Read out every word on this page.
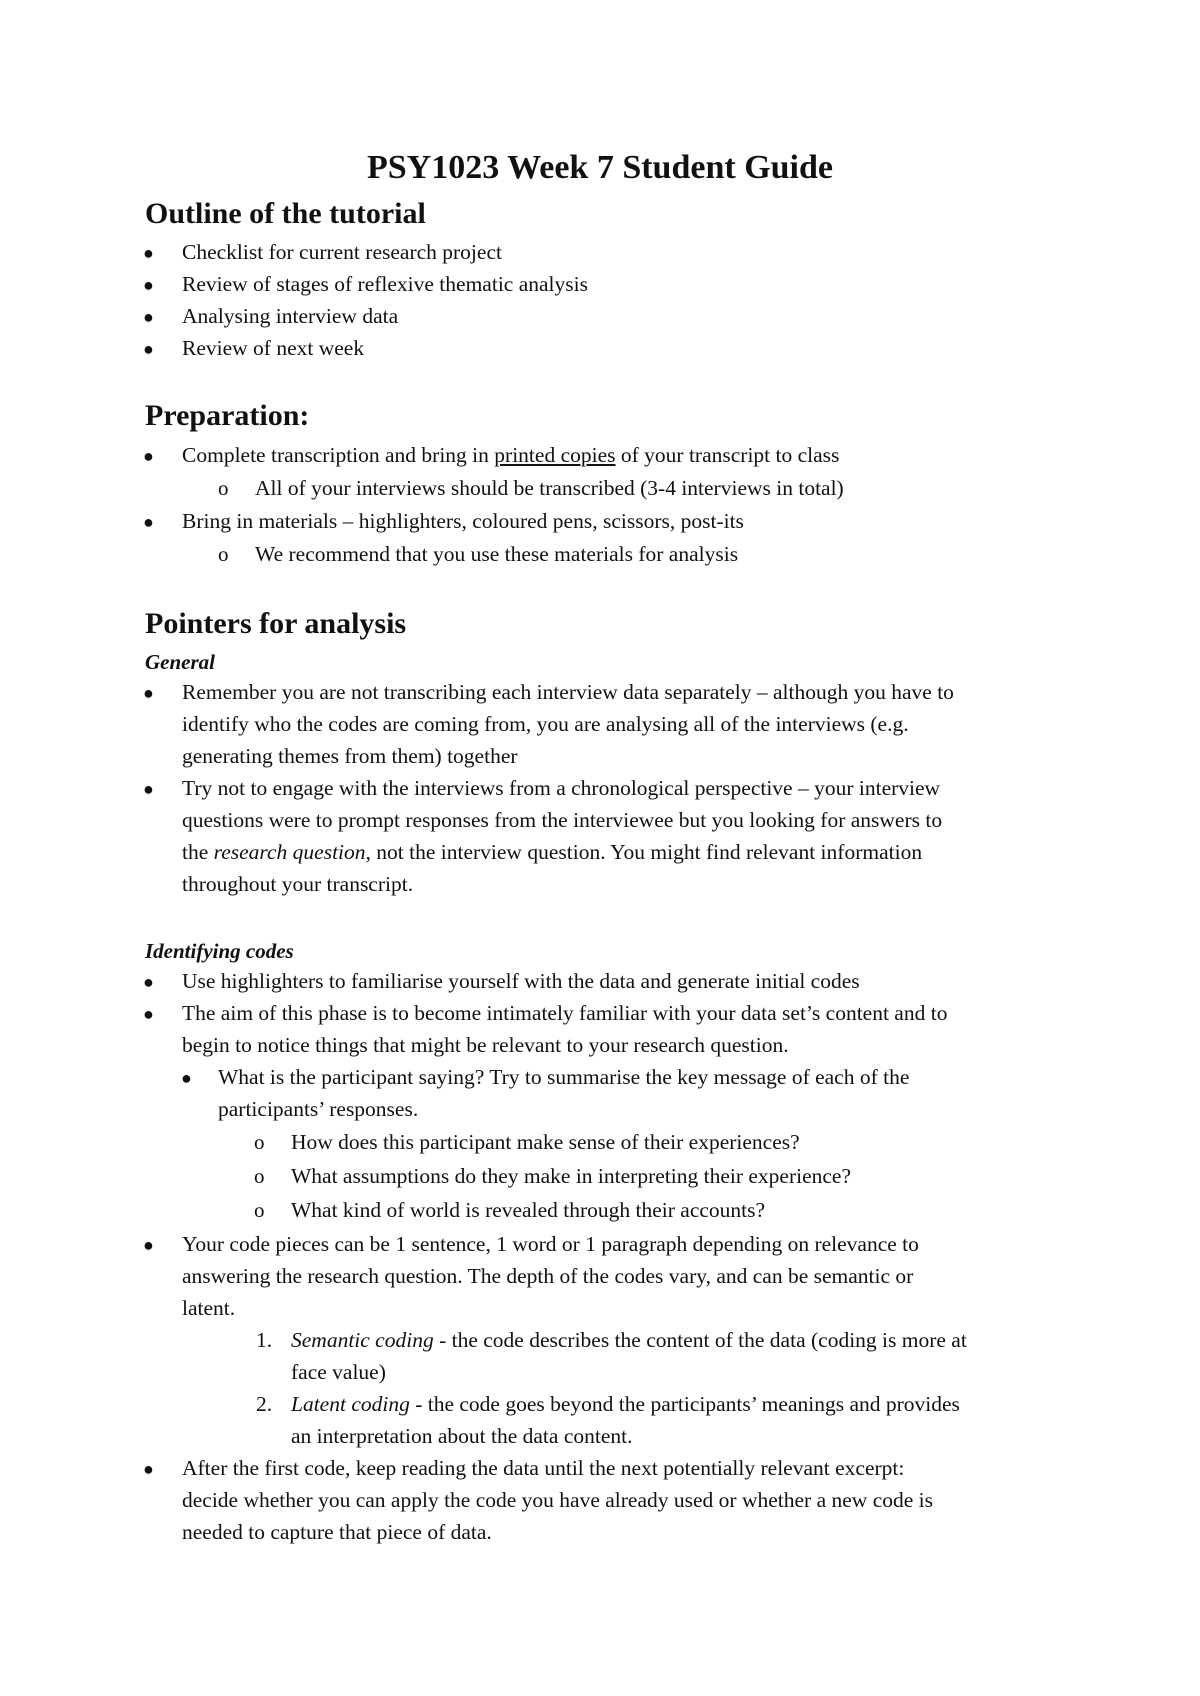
PSY1023 Week 7 Student Guide
Outline of the tutorial
● Checklist for current research project

● Review of stages of reflexive thematic analysis

● Analysing interview data

● Review of next week

Preparation:
● Complete transcription and bring in printed copies of your transcript to class

o All of your interviews should be transcribed (3-4 interviews in total)

● Bring in materials – highlighters, coloured pens, scissors, post-its

o We recommend that you use these materials for analysis

Pointers for analysis
General
● Remember you are not transcribing each interview data separately – although you have to

identify who the codes are coming from, you are analysing all of the interviews (e.g.

generating themes from them) together

● Try not to engage with the interviews from a chronological perspective – your interview

questions were to prompt responses from the interviewee but you looking for answers to

the research question, not the interview question. You might find relevant information

throughout your transcript.

Identifying codes
● Use highlighters to familiarise yourself with the data and generate initial codes

● The aim of this phase is to become intimately familiar with your data set’s content and to

begin to notice things that might be relevant to your research question.

● What is the participant saying? Try to summarise the key message of each of the

participants’ responses.

o How does this participant make sense of their experiences?

o What assumptions do they make in interpreting their experience?

o What kind of world is revealed through their accounts?

● Your code pieces can be 1 sentence, 1 word or 1 paragraph depending on relevance to

answering the research question. The depth of the codes vary, and can be semantic or

latent.

1. Semantic coding - the code describes the content of the data (coding is more at

face value)

2. Latent coding - the code goes beyond the participants’ meanings and provides

an interpretation about the data content.

● After the first code, keep reading the data until the next potentially relevant excerpt:

decide whether you can apply the code you have already used or whether a new code is

needed to capture that piece of data.
